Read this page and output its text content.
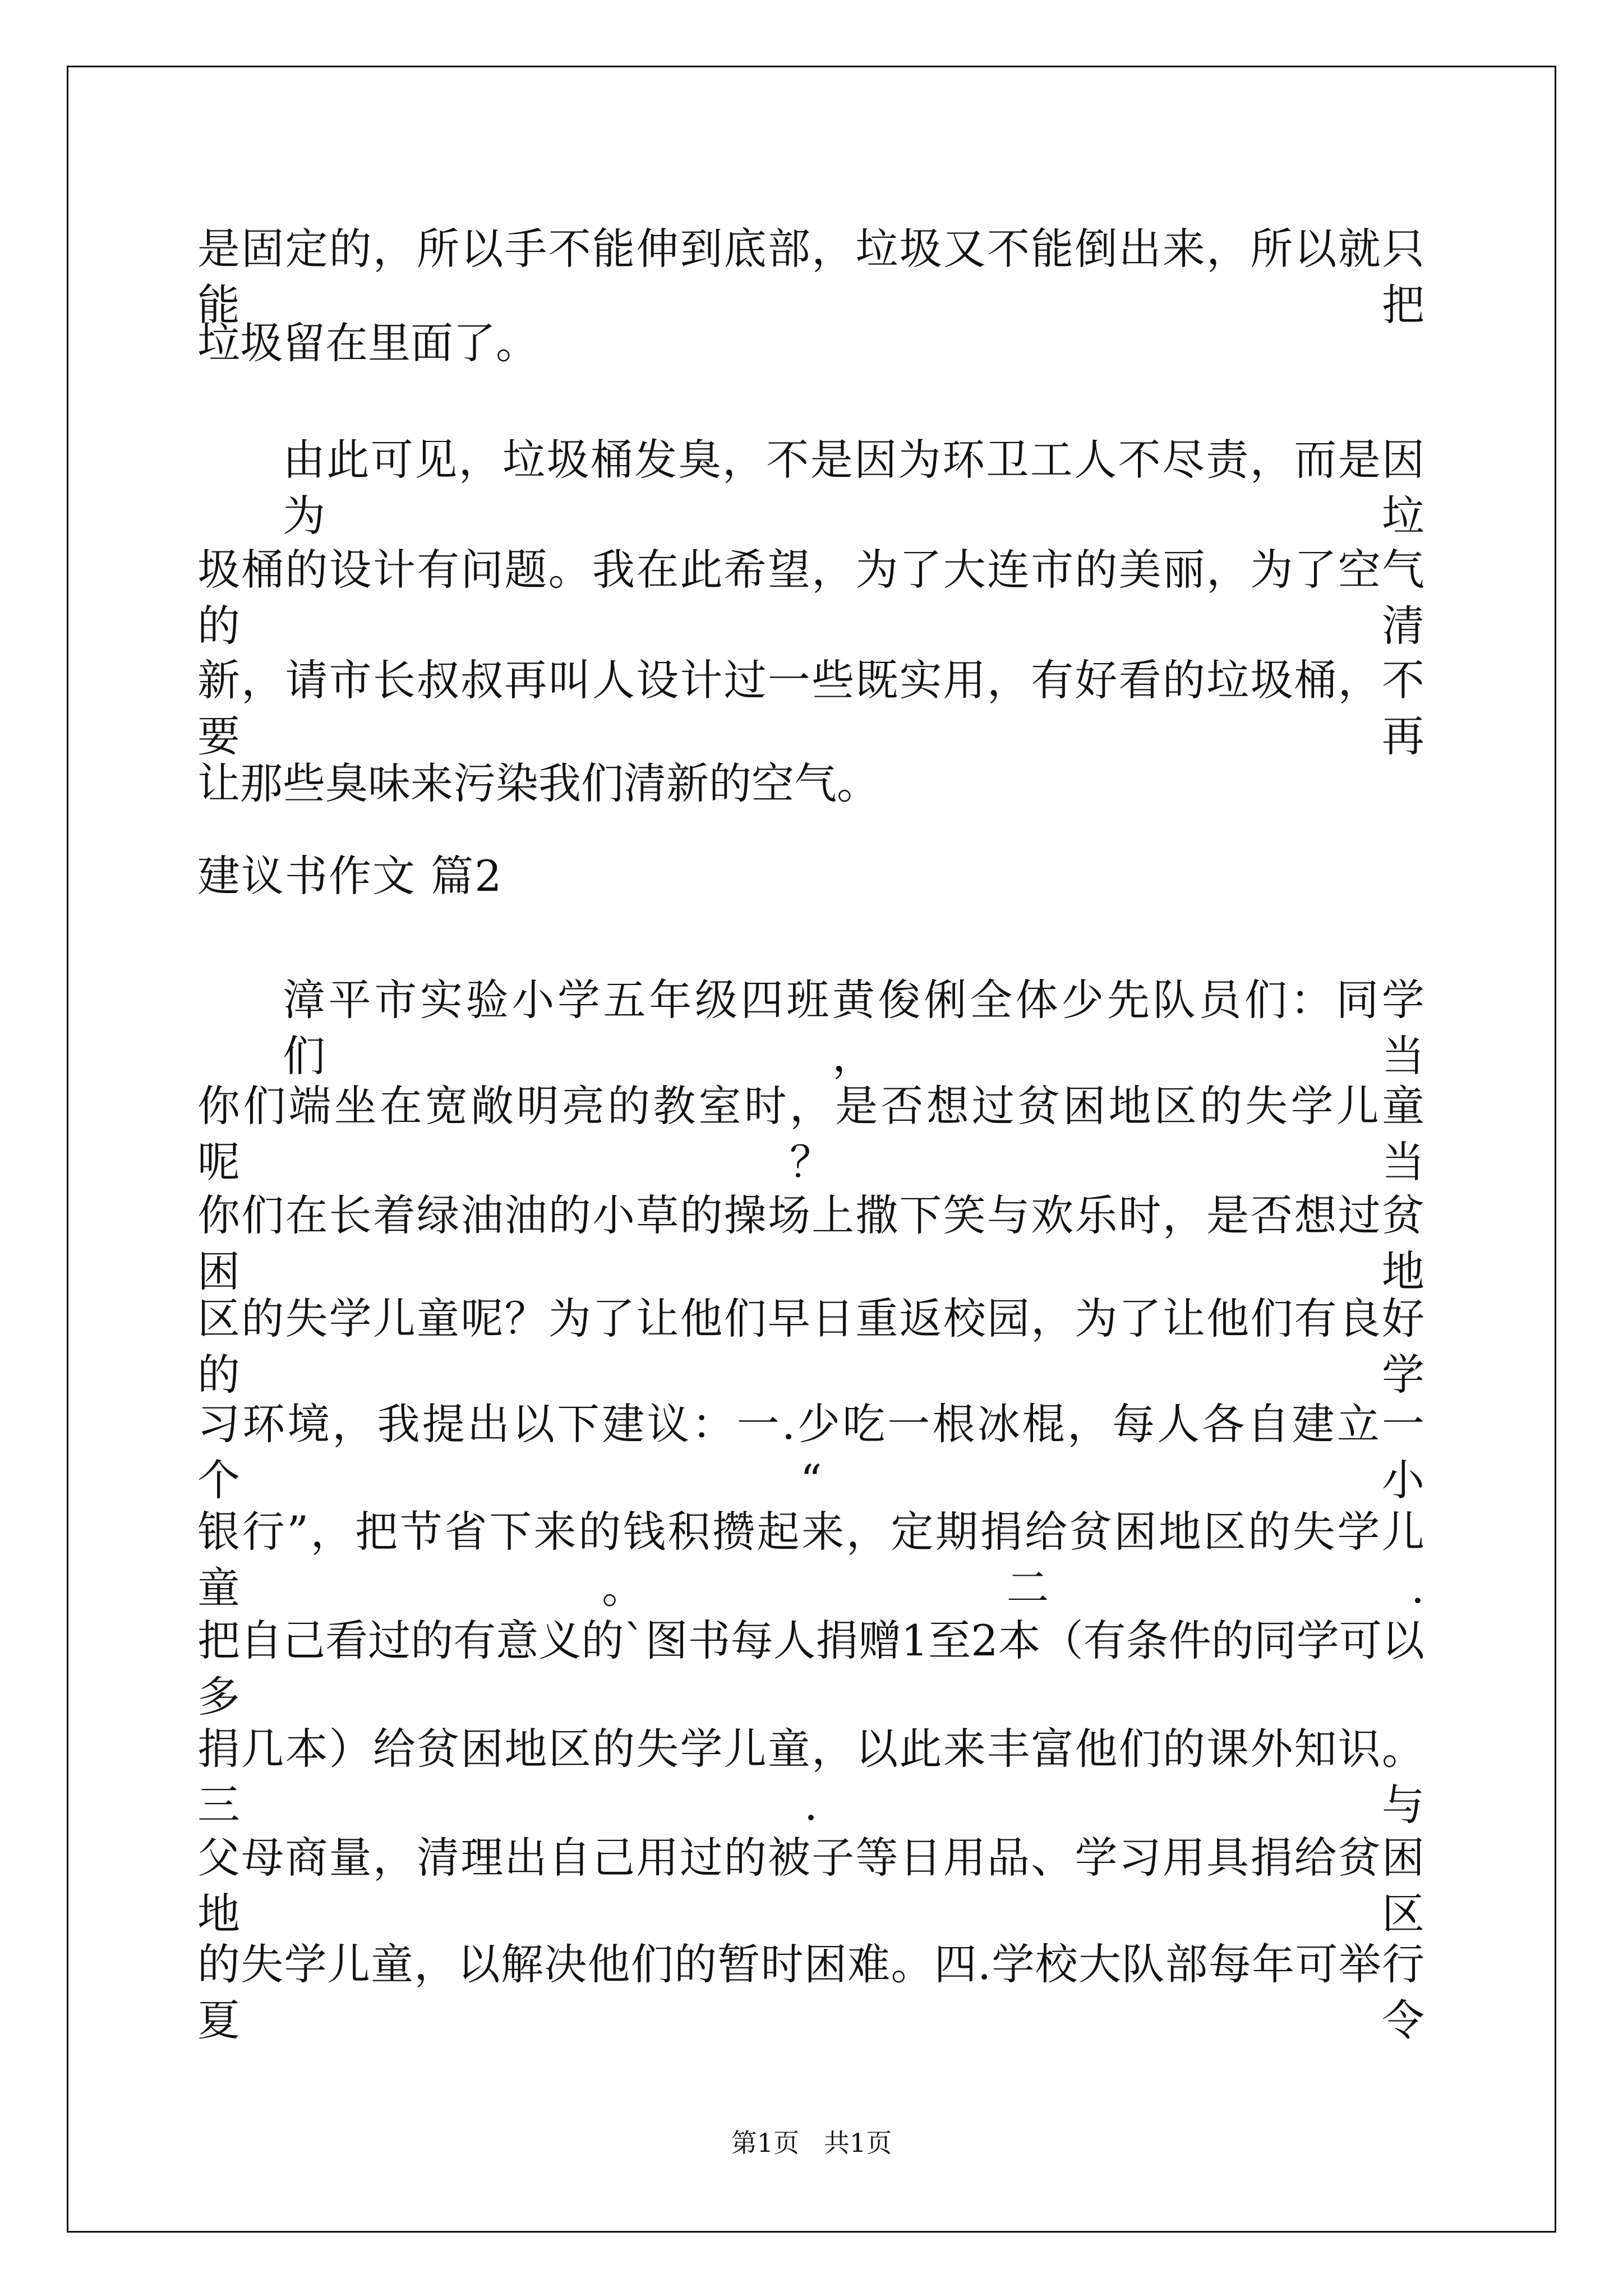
是固定的，所以手不能伸到底部，垃圾又不能倒出来，所以就只能把
垃圾留在里面了。
由此可见，垃圾桶发臭，不是因为环卫工人不尽责，而是因为垃
圾桶的设计有问题。我在此希望，为了大连市的美丽，为了空气的清
新，请市长叔叔再叫人设计过一些既实用，有好看的垃圾桶，不要再
让那些臭味来污染我们清新的空气。
建议书作文 篇2
漳平市实验小学五年级四班黄俊俐全体少先队员们：同学们，当
你们端坐在宽敞明亮的教室时，是否想过贫困地区的失学儿童呢？当
你们在长着绿油油的小草的操场上撒下笑与欢乐时，是否想过贫困地
区的失学儿童呢？为了让他们早日重返校园，为了让他们有良好的学
习环境，我提出以下建议：一.少吃一根冰棍，每人各自建立一个“小
银行”，把节省下来的钱积攒起来，定期捐给贫困地区的失学儿童。二.
把自己看过的有意义的`图书每人捐赠1至2本（有条件的同学可以多
捐几本）给贫困地区的失学儿童，以此来丰富他们的课外知识。三.与
父母商量，清理出自己用过的被子等日用品、学习用具捐给贫困地区
的失学儿童，以解决他们的暂时困难。四.学校大队部每年可举行夏令
第1页   共1页
